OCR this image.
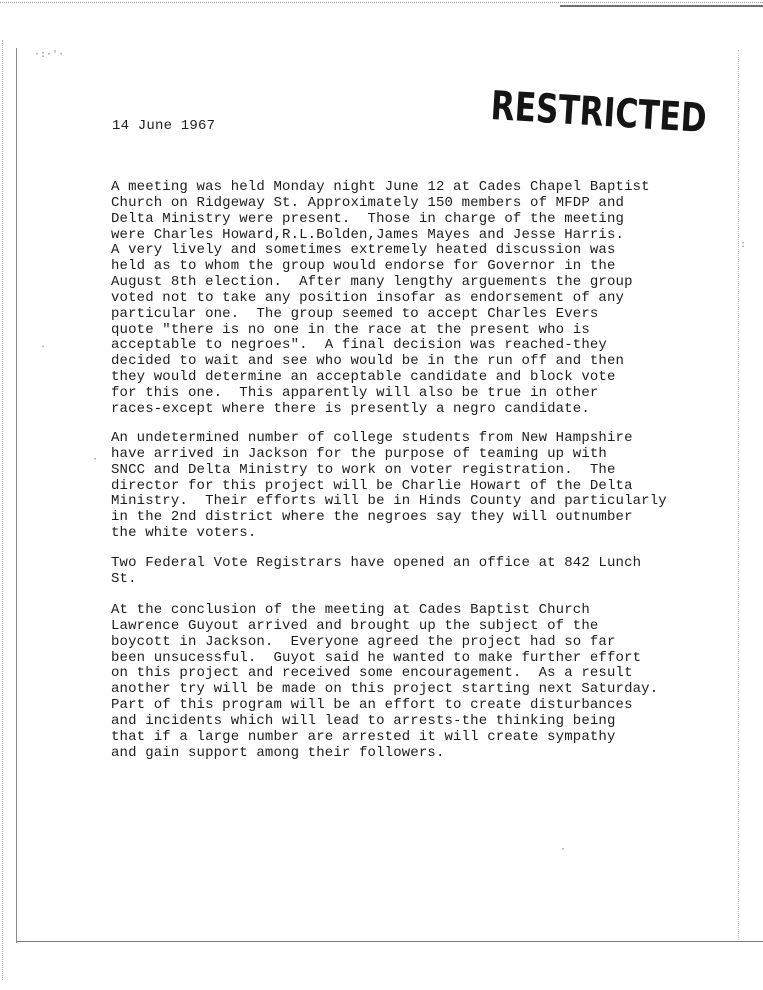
·:·'·
·
.
:
·
14 June 1967	RESTRICTED
A meeting was held Monday night June 12 at Cades Chapel Baptist
Church on Ridgeway St. Approximately 150 members of MFDP and
Delta Ministry were present.  Those in charge of the meeting
were Charles Howard,R.L.Bolden,James Mayes and Jesse Harris.
A very lively and sometimes extremely heated discussion was
held as to whom the group would endorse for Governor in the
August 8th election.  After many lengthy arguements the group
voted not to take any position insofar as endorsement of any
particular one.  The group seemed to accept Charles Evers
quote "there is no one in the race at the present who is
acceptable to negroes".  A final decision was reached-they
decided to wait and see who would be in the run off and then
they would determine an acceptable candidate and block vote
for this one.  This apparently will also be true in other
races-except where there is presently a negro candidate.
An undetermined number of college students from New Hampshire
have arrived in Jackson for the purpose of teaming up with
SNCC and Delta Ministry to work on voter registration.  The
director for this project will be Charlie Howart of the Delta
Ministry.  Their efforts will be in Hinds County and particularly
in the 2nd district where the negroes say they will outnumber
the white voters.
Two Federal Vote Registrars have opened an office at 842 Lunch
St.
At the conclusion of the meeting at Cades Baptist Church
Lawrence Guyout arrived and brought up the subject of the
boycott in Jackson.  Everyone agreed the project had so far
been unsucessful.  Guyot said he wanted to make further effort
on this project and received some encouragement.  As a result
another try will be made on this project starting next Saturday.
Part of this program will be an effort to create disturbances
and incidents which will lead to arrests-the thinking being
that if a large number are arrested it will create sympathy
and gain support among their followers.
